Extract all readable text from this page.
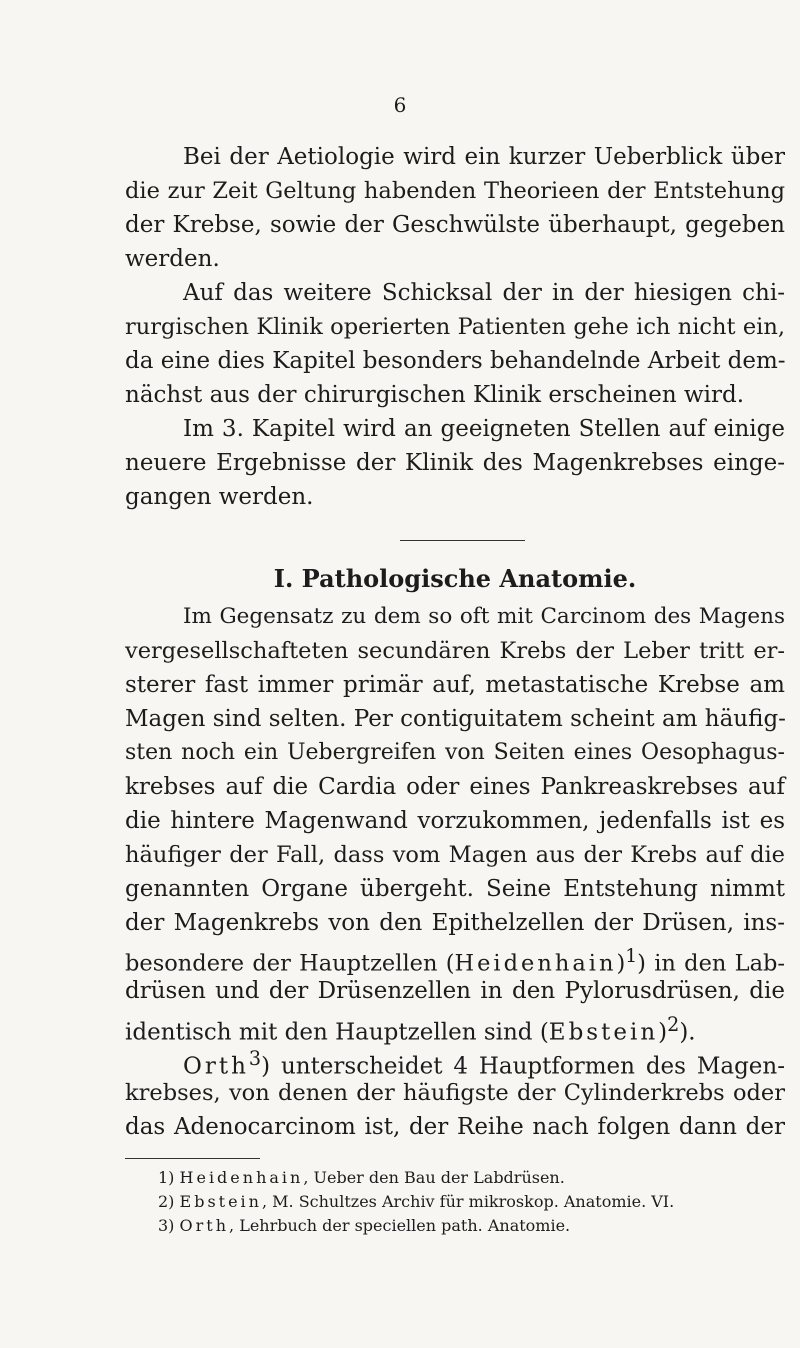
6
Bei der Aetiologie wird ein kurzer Ueberblick über
die zur Zeit Geltung habenden Theorieen der Entstehung
der Krebse, sowie der Geschwülste überhaupt, gegeben
werden.
Auf das weitere Schicksal der in der hiesigen chi-
rurgischen Klinik operierten Patienten gehe ich nicht ein,
da eine dies Kapitel besonders behandelnde Arbeit dem-
nächst aus der chirurgischen Klinik erscheinen wird.
Im 3. Kapitel wird an geeigneten Stellen auf einige
neuere Ergebnisse der Klinik des Magenkrebses einge-
gangen werden.
I. Pathologische Anatomie.
Im Gegensatz zu dem so oft mit Carcinom des Magens
vergesellschafteten secundären Krebs der Leber tritt er-
sterer fast immer primär auf, metastatische Krebse am
Magen sind selten. Per contiguitatem scheint am häufig-
sten noch ein Uebergreifen von Seiten eines Oesophagus-
krebses auf die Cardia oder eines Pankreaskrebses auf
die hintere Magenwand vorzukommen, jedenfalls ist es
häufiger der Fall, dass vom Magen aus der Krebs auf die
genannten Organe übergeht. Seine Entstehung nimmt
der Magenkrebs von den Epithelzellen der Drüsen, ins-
besondere der Hauptzellen (Heidenhain)$^1$) in den Lab-
drüsen und der Drüsenzellen in den Pylorusdrüsen, die
identisch mit den Hauptzellen sind (Ebstein)$^2$).
Orth$^3$) unterscheidet 4 Hauptformen des Magen-
krebses, von denen der häufigste der Cylinderkrebs oder
das Adenocarcinom ist, der Reihe nach folgen dann der
1) Heidenhain, Ueber den Bau der Labdrüsen.
2) Ebstein, M. Schultzes Archiv für mikroskop. Anatomie. VI.
3) Orth, Lehrbuch der speciellen path. Anatomie.
